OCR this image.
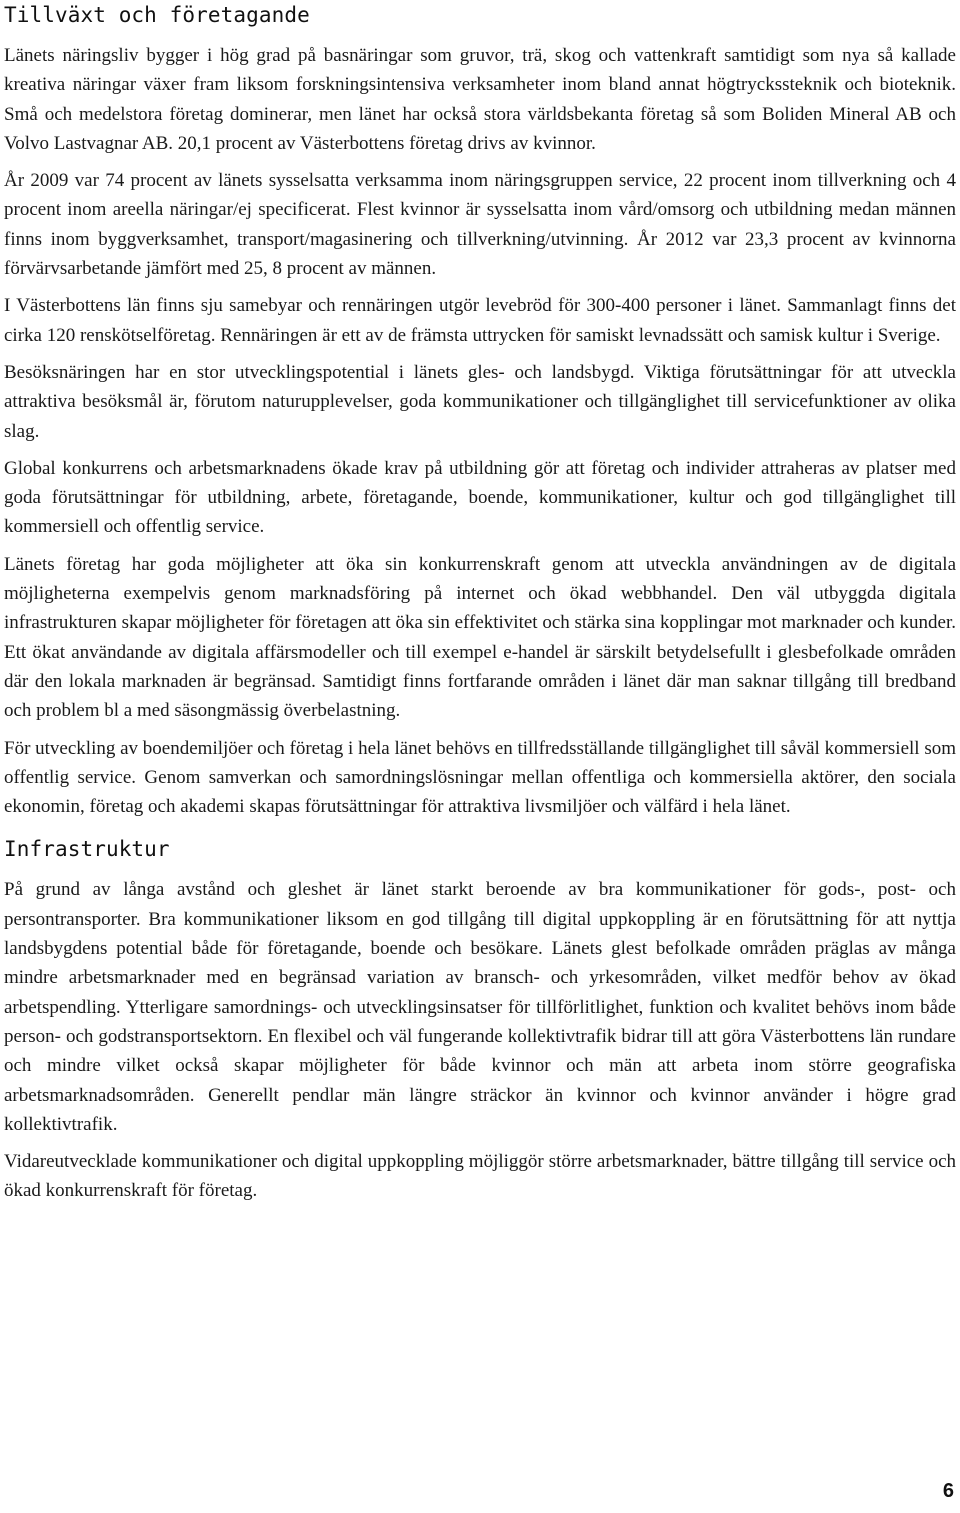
Tillväxt och företagande

Länets näringsliv bygger i hög grad på basnäringar som gruvor, trä, skog och vattenkraft samtidigt som nya så kallade kreativa näringar växer fram liksom forskningsintensiva verksamheter inom bland annat högtryckssteknik och bioteknik. Små och medelstora företag dominerar, men länet har också stora världsbekanta företag så som Boliden Mineral AB och Volvo Lastvagnar AB. 20,1 procent av Västerbottens företag drivs av kvinnor.

År 2009 var 74 procent av länets sysselsatta verksamma inom näringsgruppen service, 22 procent inom tillverkning och 4 procent inom areella näringar/ej specificerat. Flest kvinnor är sysselsatta inom vård/omsorg och utbildning medan männen finns inom byggverksamhet, transport/magasinering och tillverkning/utvinning. År 2012 var 23,3 procent av kvinnorna förvärvsarbetande jämfört med 25, 8 procent av männen.

I Västerbottens län finns sju samebyar och rennäringen utgör levebröd för 300-400 personer i länet. Sammanlagt finns det cirka 120 renskötselföretag. Rennäringen är ett av de främsta uttrycken för samiskt levnadssätt och samisk kultur i Sverige.

Besöksnäringen har en stor utvecklingspotential i länets gles- och landsbygd. Viktiga förutsättningar för att utveckla attraktiva besöksmål är, förutom naturupplevelser, goda kommunikationer och tillgänglighet till servicefunktioner av olika slag.

Global konkurrens och arbetsmarknadens ökade krav på utbildning gör att företag och individer attraheras av platser med goda förutsättningar för utbildning, arbete, företagande, boende, kommunikationer, kultur och god tillgänglighet till kommersiell och offentlig service.

Länets företag har goda möjligheter att öka sin konkurrenskraft genom att utveckla användningen av de digitala möjligheterna exempelvis genom marknadsföring på internet och ökad webbhandel. Den väl utbyggda digitala infrastrukturen skapar möjligheter för företagen att öka sin effektivitet och stärka sina kopplingar mot marknader och kunder. Ett ökat användande av digitala affärsmodeller och till exempel e-handel är särskilt betydelsefullt i glesbefolkade områden där den lokala marknaden är begränsad. Samtidigt finns fortfarande områden i länet där man saknar tillgång till bredband och problem bl a med säsongmässig överbelastning.

För utveckling av boendemiljöer och företag i hela länet behövs en tillfredsställande tillgänglighet till såväl kommersiell som offentlig service. Genom samverkan och samordningslösningar mellan offentliga och kommersiella aktörer, den sociala ekonomin, företag och akademi skapas förutsättningar för attraktiva livsmiljöer och välfärd i hela länet.

Infrastruktur

På grund av långa avstånd och gleshet är länet starkt beroende av bra kommunikationer för gods-, post- och persontransporter. Bra kommunikationer liksom en god tillgång till digital uppkoppling är en förutsättning för att nyttja landsbygdens potential både för företagande, boende och besökare. Länets glest befolkade områden präglas av många mindre arbetsmarknader med en begränsad variation av bransch- och yrkesområden, vilket medför behov av ökad arbetspendling. Ytterligare samordnings- och utvecklingsinsatser för tillförlitlighet, funktion och kvalitet behövs inom både person- och godstransportsektorn. En flexibel och väl fungerande kollektivtrafik bidrar till att göra Västerbottens län rundare och mindre vilket också skapar möjligheter för både kvinnor och män att arbeta inom större geografiska arbetsmarknadsområden. Generellt pendlar män längre sträckor än kvinnor och kvinnor använder i högre grad kollektivtrafik.

Vidareutvecklade kommunikationer och digital uppkoppling möjliggör större arbetsmarknader, bättre tillgång till service och ökad konkurrenskraft för företag.

6
